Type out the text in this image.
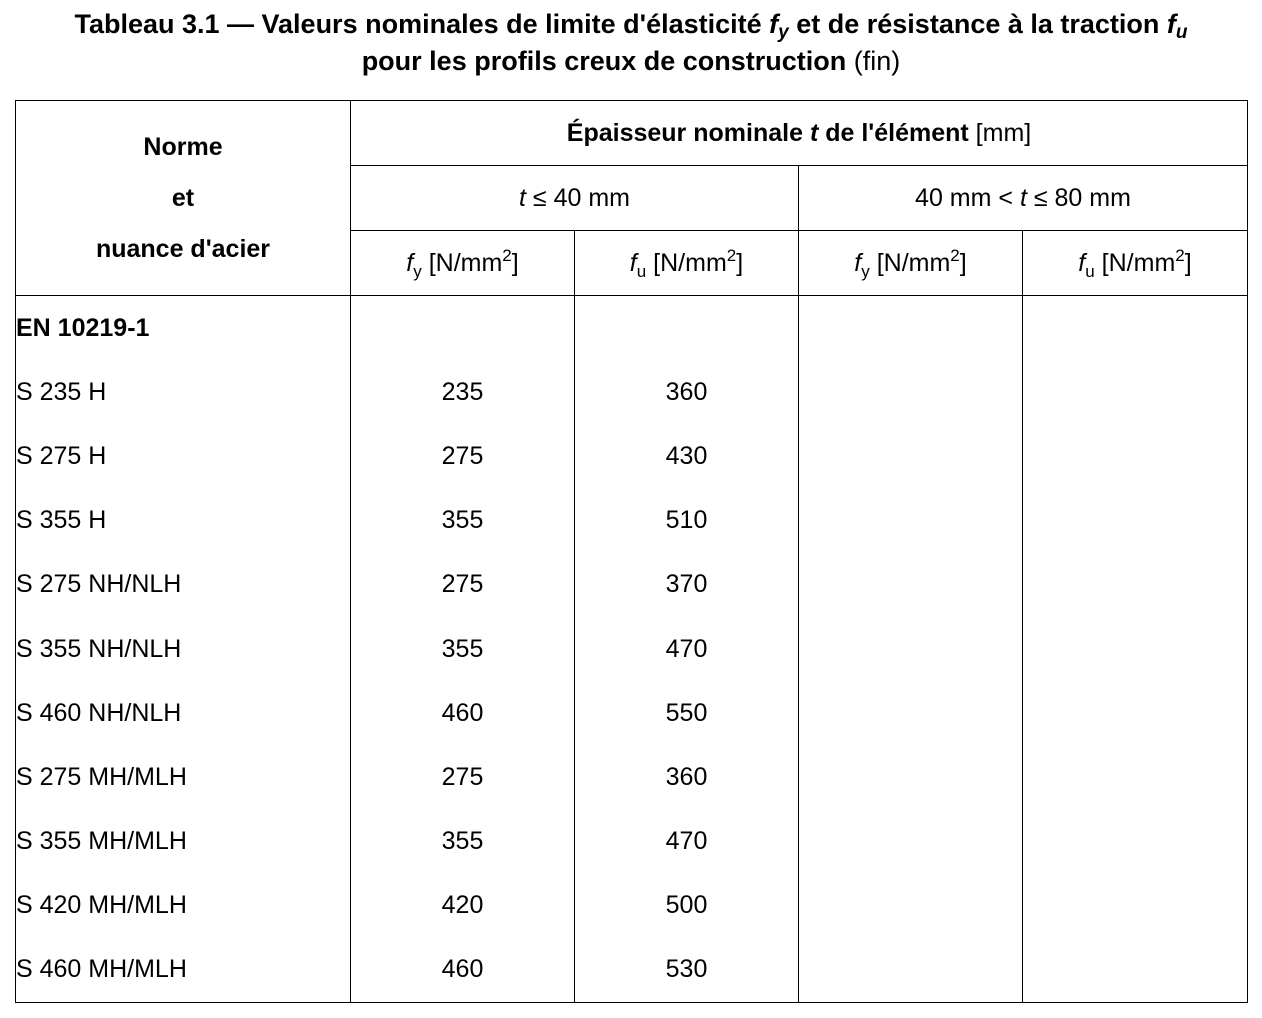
Tableau 3.1 — Valeurs nominales de limite d'élasticité $f_y$ et de résistance à la traction $f_u$
pour les profils creux de construction (fin)
Norme
et
nuance d'acier	Épaisseur nominale t de l'élément [mm]			
	t ≤ 40 mm		40 mm < t ≤ 80 mm	
	$f_y$ $[N/mm^2]$	$f_u$ $[N/mm^2]$	$f_y$ $[N/mm^2]$	$f_u$ $[N/mm^2]$
EN 10219-1				
S 235 H	235	360		
S 275 H	275	430		
S 355 H	355	510		
S 275 NH/NLH	275	370		
S 355 NH/NLH	355	470		
S 460 NH/NLH	460	550		
S 275 MH/MLH	275	360		
S 355 MH/MLH	355	470		
S 420 MH/MLH	420	500		
S 460 MH/MLH	460	530		
